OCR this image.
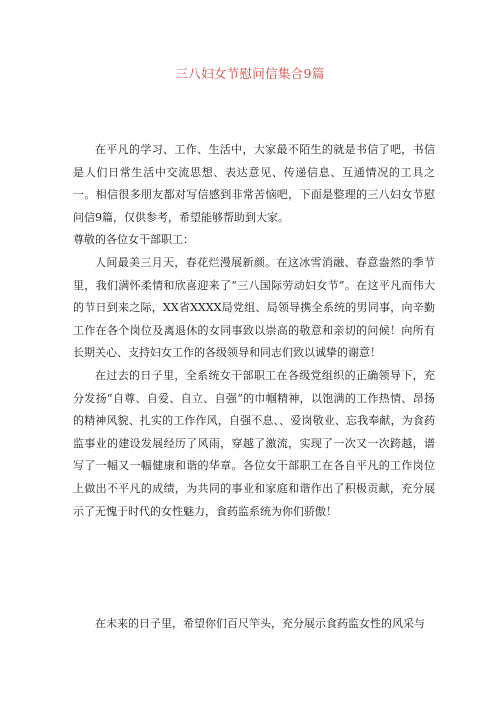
三八妇女节慰问信集合9篇

在平凡的学习、工作、生活中，大家最不陌生的就是书信了吧，书信是人们日常生活中交流思想、表达意见、传递信息、互通情况的工具之一。相信很多朋友都对写信感到非常苦恼吧，下面是整理的三八妇女节慰问信9篇，仅供参考，希望能够帮助到大家。

尊敬的各位女干部职工：

人间最美三月天，春花烂漫展新颜。在这冰雪消融、春意盎然的季节里，我们满怀柔情和欣喜迎来了“三八国际劳动妇女节”。在这平凡而伟大的节日到来之际，XX省XXXX局党组、局领导携全系统的男同事，向辛勤工作在各个岗位及离退休的女同事致以崇高的敬意和亲切的问候！向所有长期关心、支持妇女工作的各级领导和同志们致以诚挚的谢意！

在过去的日子里，全系统女干部职工在各级党组织的正确领导下，充分发扬“自尊、自爱、自立、自强”的巾帼精神，以饱满的工作热情、昂扬的精神风貌、扎实的工作作风，自强不息、、爱岗敬业、忘我奉献，为食药监事业的建设发展经历了风雨，穿越了激流，实现了一次又一次跨越，谱写了一幅又一幅健康和谐的华章。各位女干部职工在各自平凡的工作岗位上做出不平凡的成绩，为共同的事业和家庭和谐作出了积极贡献，充分展示了无愧于时代的女性魅力，食药监系统为你们骄傲！

在未来的日子里，希望你们百尺竿头，充分展示食药监女性的风采与
